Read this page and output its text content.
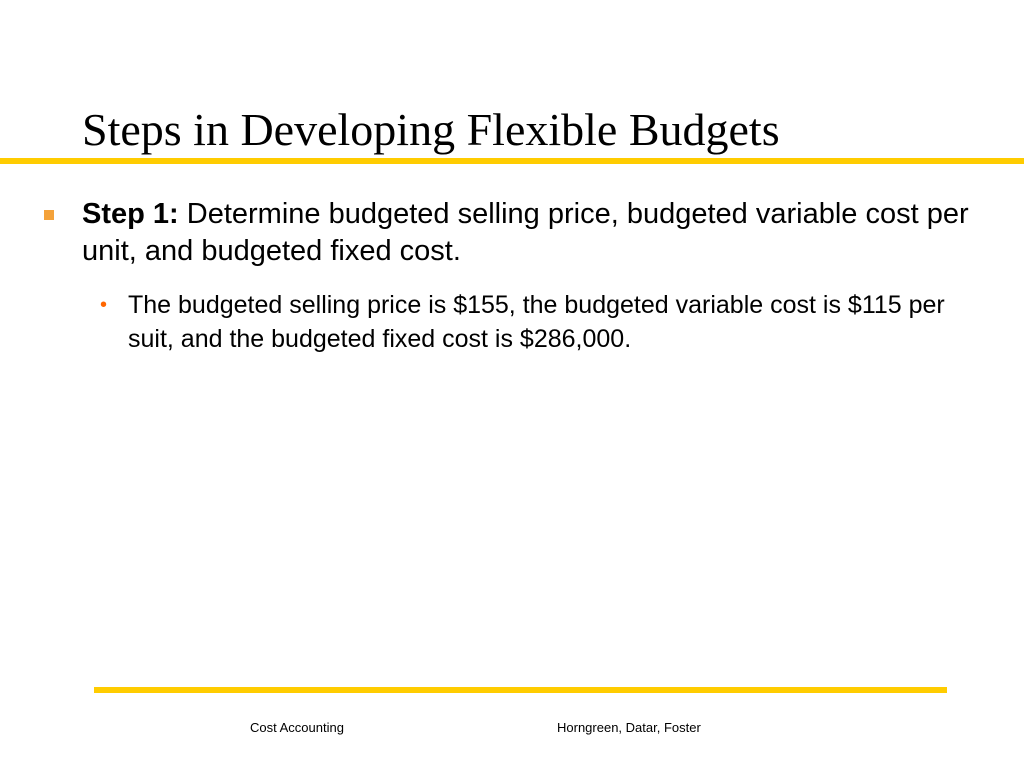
Steps in Developing Flexible Budgets
Step 1: Determine budgeted selling price, budgeted variable cost per unit, and budgeted fixed cost.
• The budgeted selling price is $155, the budgeted variable cost is $115 per suit, and the budgeted fixed cost is $286,000.
Cost Accounting	Horngreen, Datar, Foster
